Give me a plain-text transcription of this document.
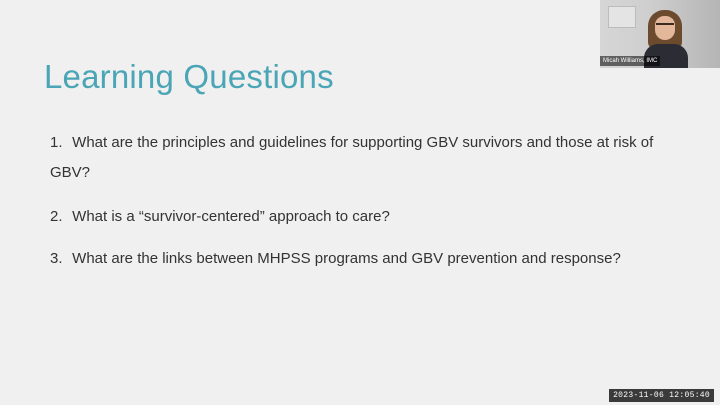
Learning Questions
1. What are the principles and guidelines for supporting GBV survivors and those at risk of GBV?
2. What is a “survivor-centered” approach to care?
3. What are the links between MHPSS programs and GBV prevention and response?
Micah Williams, IMC
2023-11-06 12:05:40
